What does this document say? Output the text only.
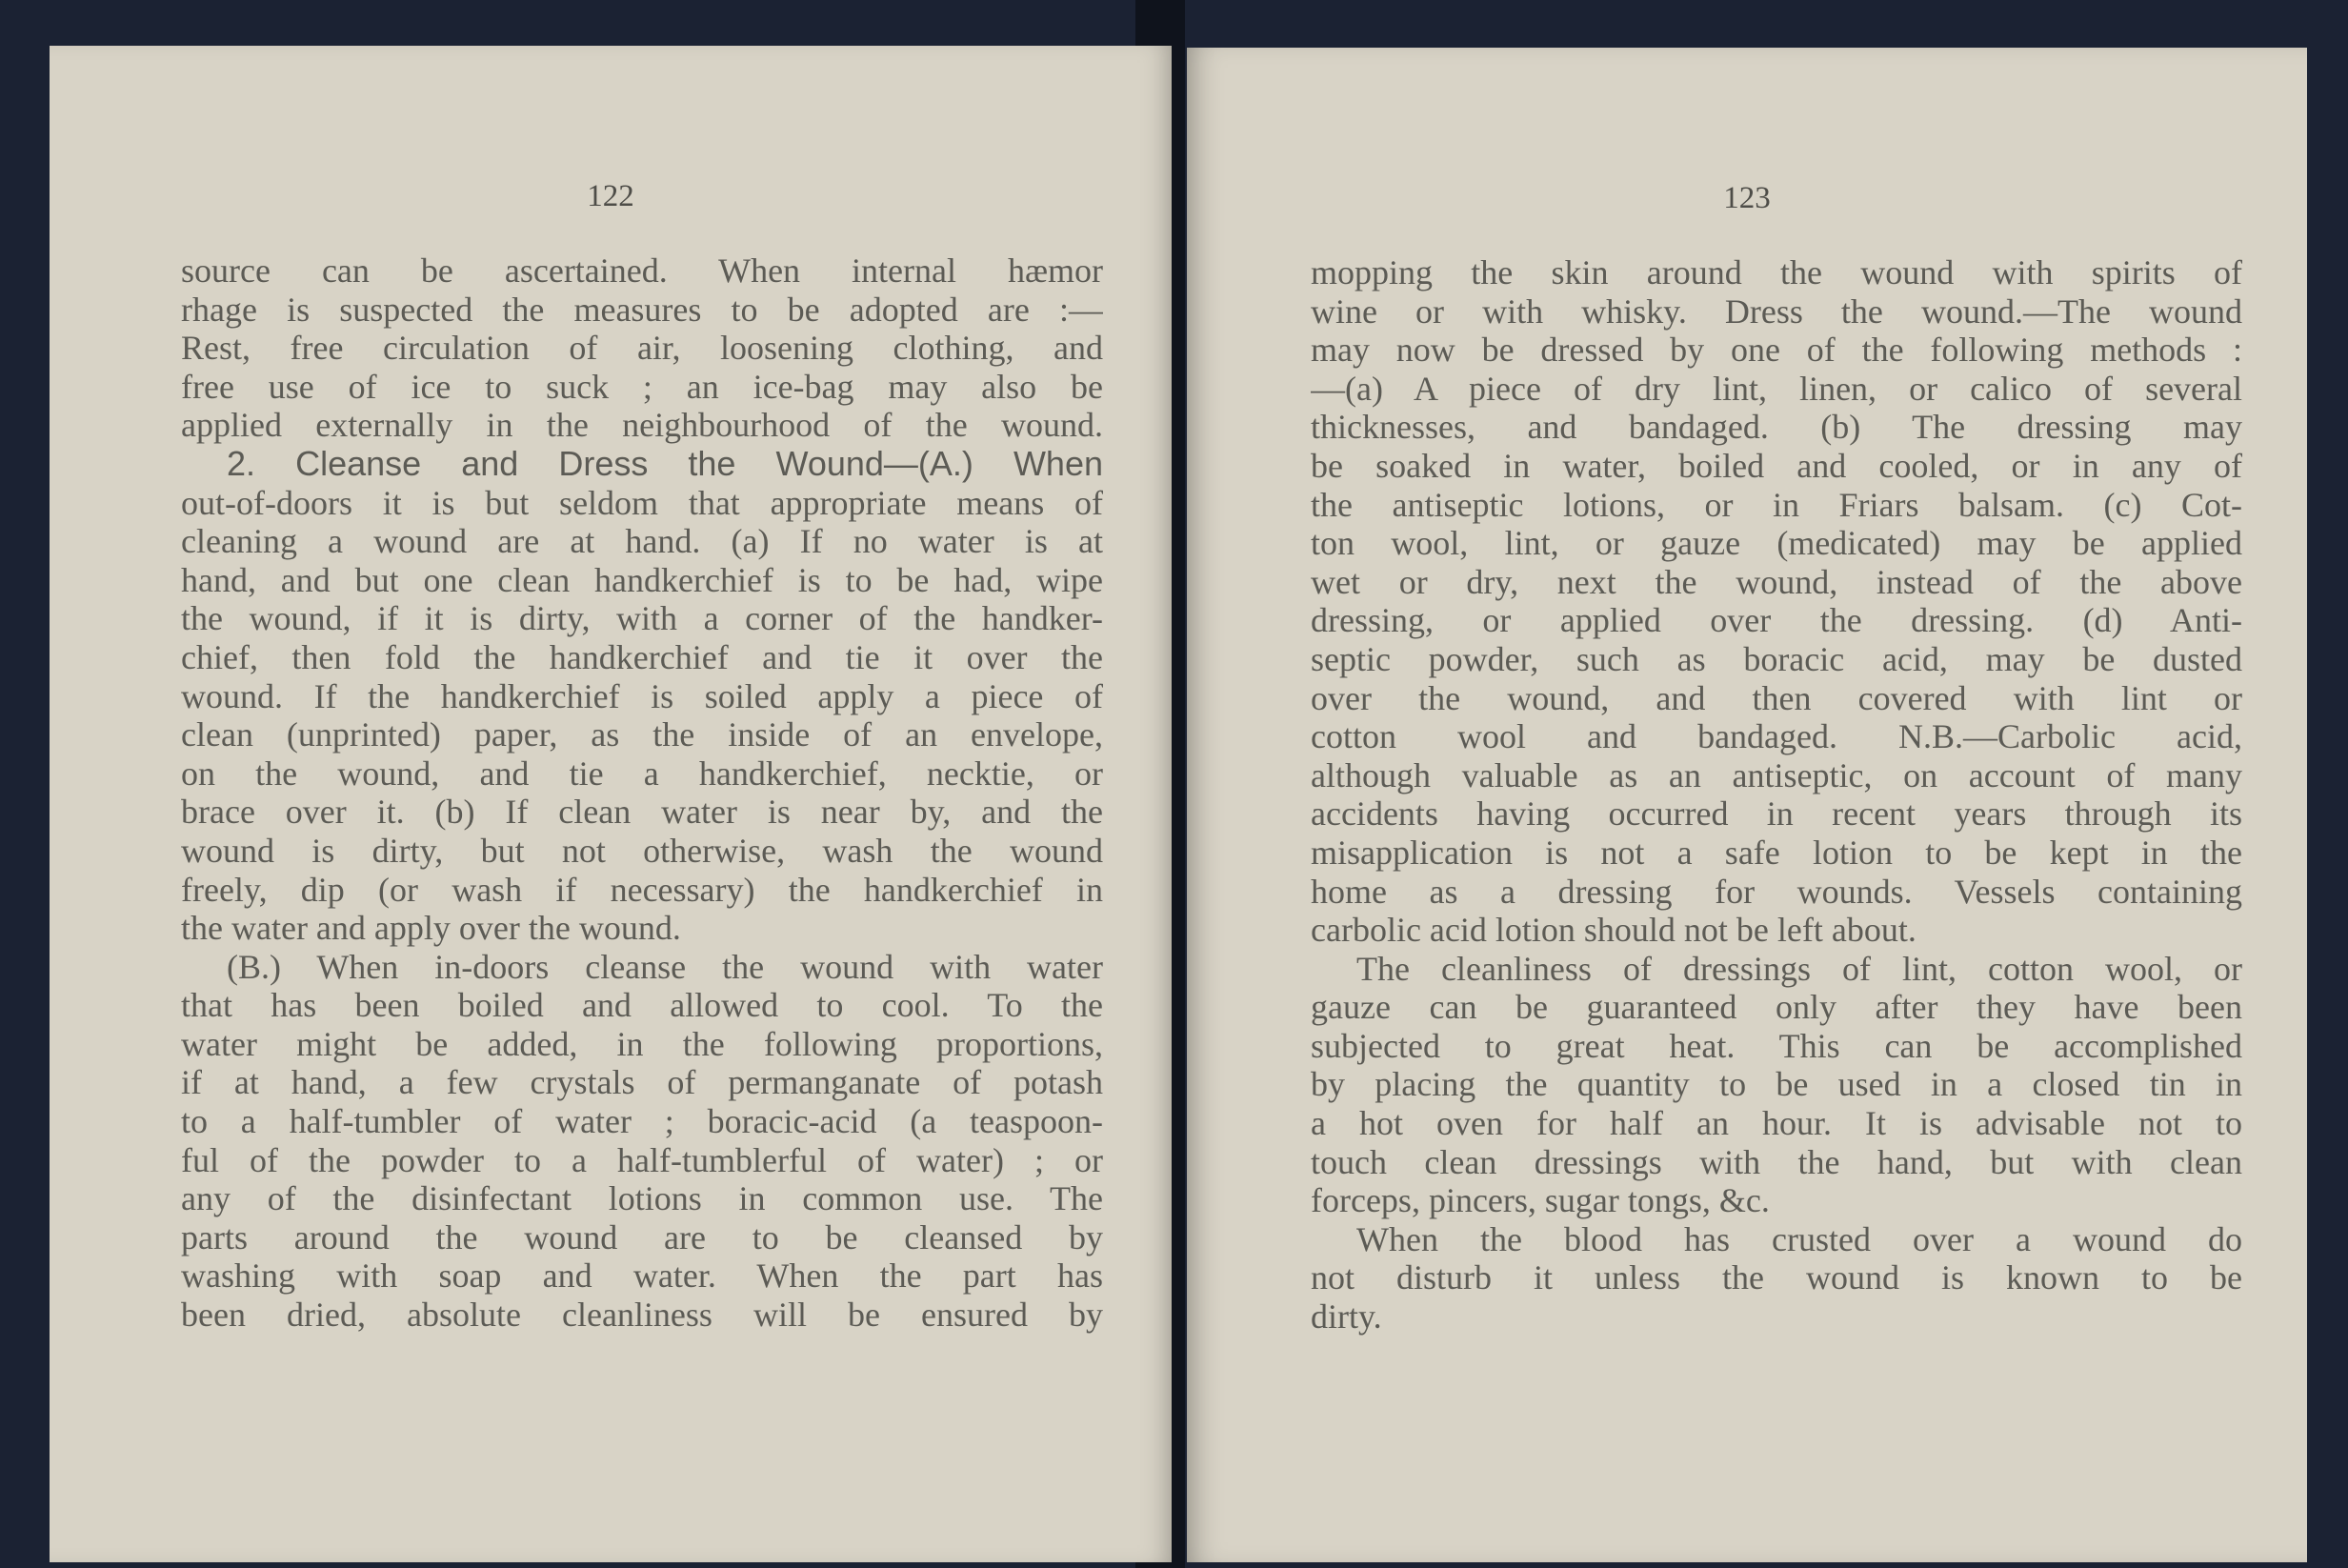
122
source can be ascertained. When internal hæmor
rhage is suspected the measures to be adopted are :—
Rest, free circulation of air, loosening clothing, and
free use of ice to suck ; an ice-bag may also be
applied externally in the neighbourhood of the wound.
2. Cleanse and Dress the Wound—(A.) When
out-of-doors it is but seldom that appropriate means of
cleaning a wound are at hand. (a) If no water is at
hand, and but one clean handkerchief is to be had, wipe
the wound, if it is dirty, with a corner of the handker-
chief, then fold the handkerchief and tie it over the
wound. If the handkerchief is soiled apply a piece of
clean (unprinted) paper, as the inside of an envelope,
on the wound, and tie a handkerchief, necktie, or
brace over it. (b) If clean water is near by, and the
wound is dirty, but not otherwise, wash the wound
freely, dip (or wash if necessary) the handkerchief in
the water and apply over the wound.
(B.) When in-doors cleanse the wound with water
that has been boiled and allowed to cool. To the
water might be added, in the following proportions,
if at hand, a few crystals of permanganate of potash
to a half-tumbler of water ; boracic-acid (a teaspoon-
ful of the powder to a half-tumblerful of water) ; or
any of the disinfectant lotions in common use. The
parts around the wound are to be cleansed by
washing with soap and water. When the part has
been dried, absolute cleanliness will be ensured by
123
mopping the skin around the wound with spirits of
wine or with whisky. Dress the wound.—The wound
may now be dressed by one of the following methods :
—(a) A piece of dry lint, linen, or calico of several
thicknesses, and bandaged. (b) The dressing may
be soaked in water, boiled and cooled, or in any of
the antiseptic lotions, or in Friars balsam. (c) Cot-
ton wool, lint, or gauze (medicated) may be applied
wet or dry, next the wound, instead of the above
dressing, or applied over the dressing. (d) Anti-
septic powder, such as boracic acid, may be dusted
over the wound, and then covered with lint or
cotton wool and bandaged. N.B.—Carbolic acid,
although valuable as an antiseptic, on account of many
accidents having occurred in recent years through its
misapplication is not a safe lotion to be kept in the
home as a dressing for wounds. Vessels containing
carbolic acid lotion should not be left about.
The cleanliness of dressings of lint, cotton wool, or
gauze can be guaranteed only after they have been
subjected to great heat. This can be accomplished
by placing the quantity to be used in a closed tin in
a hot oven for half an hour. It is advisable not to
touch clean dressings with the hand, but with clean
forceps, pincers, sugar tongs, &c.
When the blood has crusted over a wound do
not disturb it unless the wound is known to be
dirty.
